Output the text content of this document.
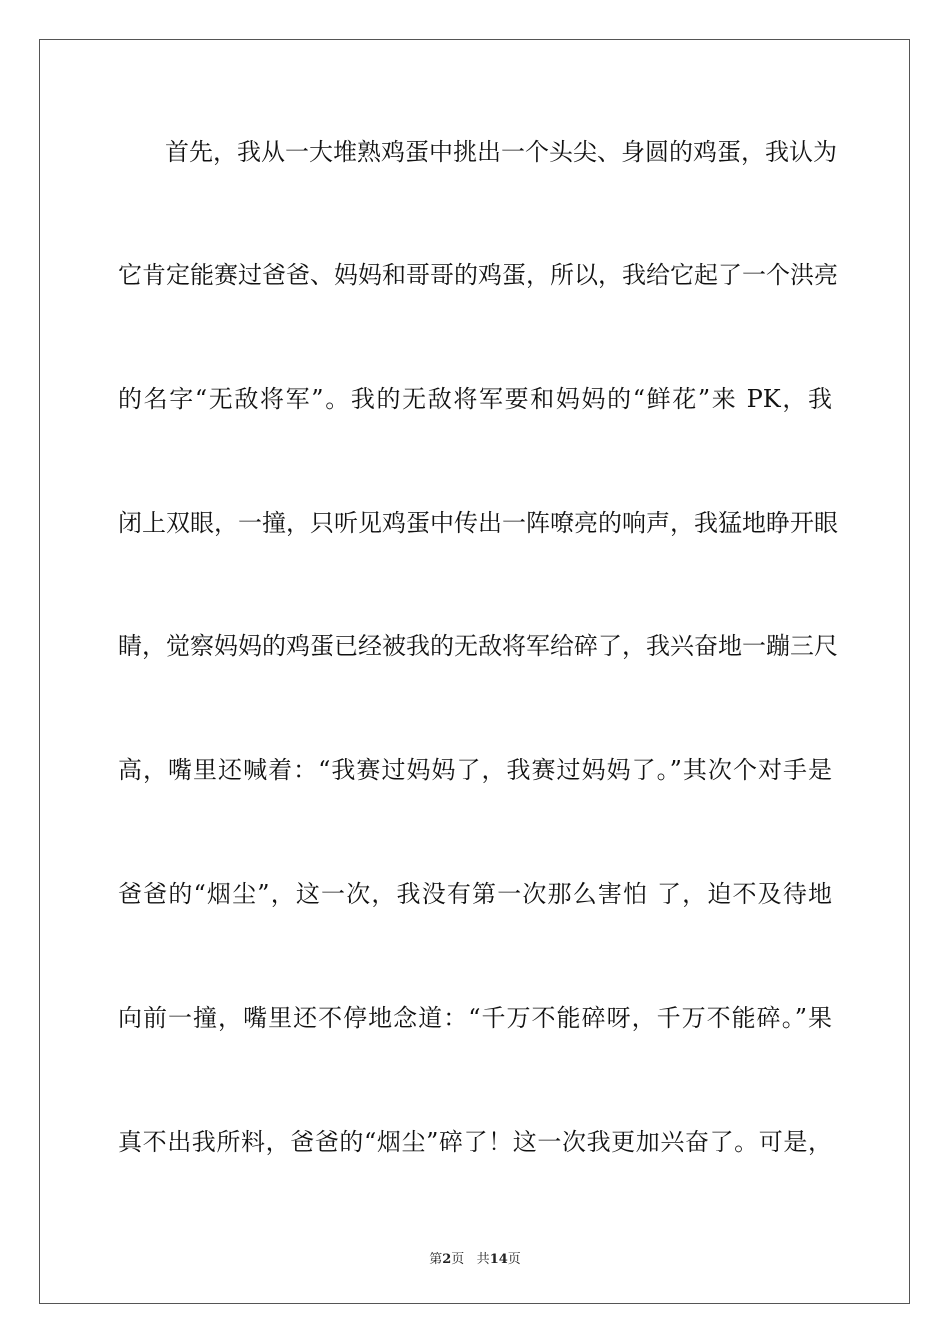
首先，我从一大堆熟鸡蛋中挑出一个头尖、身圆的鸡蛋，我认为
它肯定能赛过爸爸、妈妈和哥哥的鸡蛋，所以，我给它起了一个洪亮
的名字“无敌将军”。我的无敌将军要和妈妈的“鲜花”来 PK，我
闭上双眼，一撞，只听见鸡蛋中传出一阵嘹亮的响声，我猛地睁开眼
睛，觉察妈妈的鸡蛋已经被我的无敌将军给碎了，我兴奋地一蹦三尺
高，嘴里还喊着：“我赛过妈妈了，我赛过妈妈了。”其次个对手是
爸爸的“烟尘”，这一次，我没有第一次那么害怕 了，迫不及待地
向前一撞，嘴里还不停地念道：“千万不能碎呀，千万不能碎。”果
真不出我所料，爸爸的“烟尘”碎了！这一次我更加兴奋了。可是，
第2页 共14页
